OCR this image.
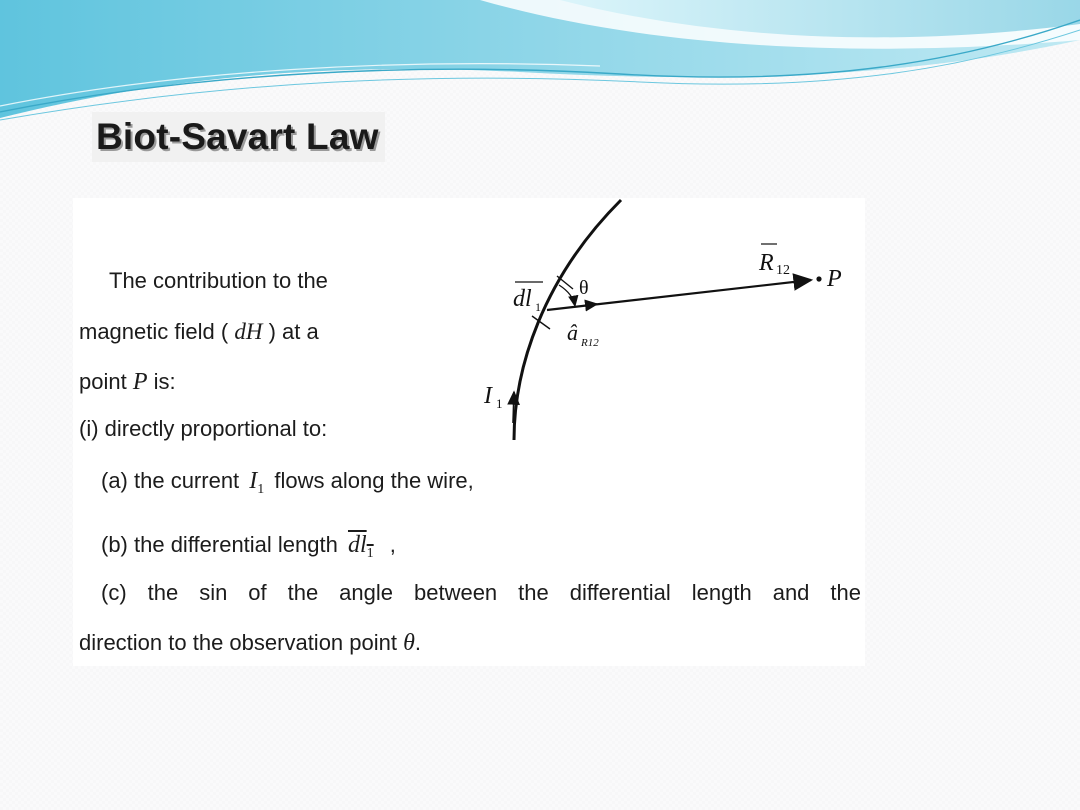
Biot-Savart Law
The contribution to the
magnetic field ( dH ) at a
point P is:
(i) directly proportional to:
(a) the current $I_1$ flows along the wire,
(b) the differential length $dl_1$ ,
(c) the sin of the angle between the differential length and the
direction to the observation point θ.
θ
dl 1
â R12
R 12 P
I 1
